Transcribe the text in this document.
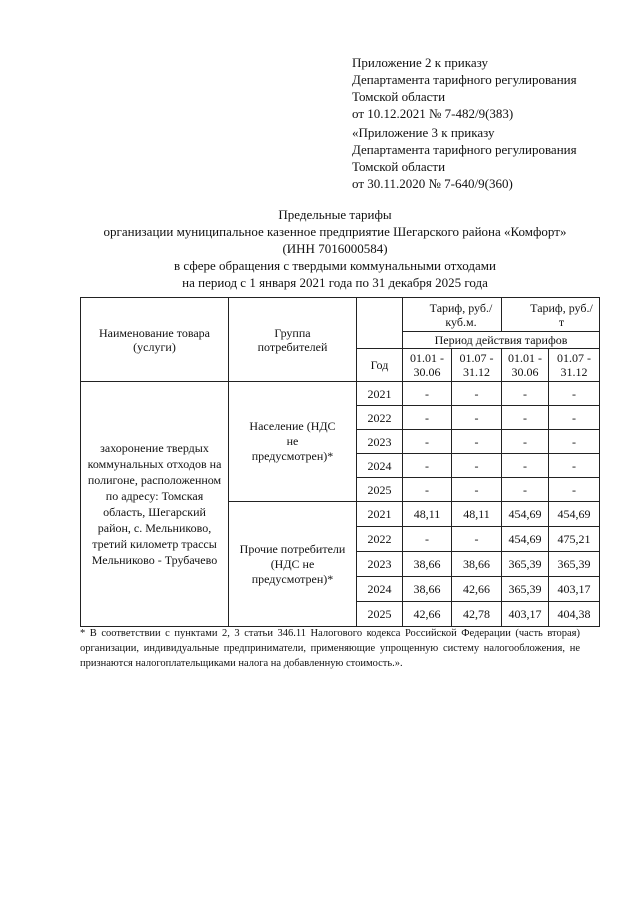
Приложение 2 к приказу
Департамента тарифного регулирования
Томской области
от 10.12.2021 № 7-482/9(383)
«Приложение 3 к приказу
Департамента тарифного регулирования
Томской области
от 30.11.2020 № 7-640/9(360)
Предельные тарифы
организации муниципальное казенное предприятие Шегарского района «Комфорт»
(ИНН 7016000584)
в сфере обращения с твердыми коммунальными отходами
на период с 1 января 2021 года по 31 декабря 2025 года
Наименование товара (услуги)	Группа потребителей		Тариф, руб./куб.м.		Тариф, руб./т	
			Период действия тарифов			
		Год	01.01 - 30.06	01.07 - 31.12	01.01 - 30.06	01.07 - 31.12
захоронение твердых коммунальных отходов на полигоне, расположенном по адресу: Томская область, Шегарский район, с. Мельниково, третий километр трассы Мельниково - Трубачево	Население (НДС не предусмотрен)*	2021	-	-	-	-
		2022	-	-	-	-
		2023	-	-	-	-
		2024	-	-	-	-
		2025	-	-	-	-
	Прочие потребители (НДС не предусмотрен)*	2021	48,11	48,11	454,69	454,69
		2022	-	-	454,69	475,21
		2023	38,66	38,66	365,39	365,39
		2024	38,66	42,66	365,39	403,17
		2025	42,66	42,78	403,17	404,38
* В соответствии с пунктами 2, 3 статьи 346.11 Налогового кодекса Российской Федерации (часть вторая) организации, индивидуальные предприниматели, применяющие упрощенную систему налогообложения, не признаются налогоплательщиками налога на добавленную стоимость.».
